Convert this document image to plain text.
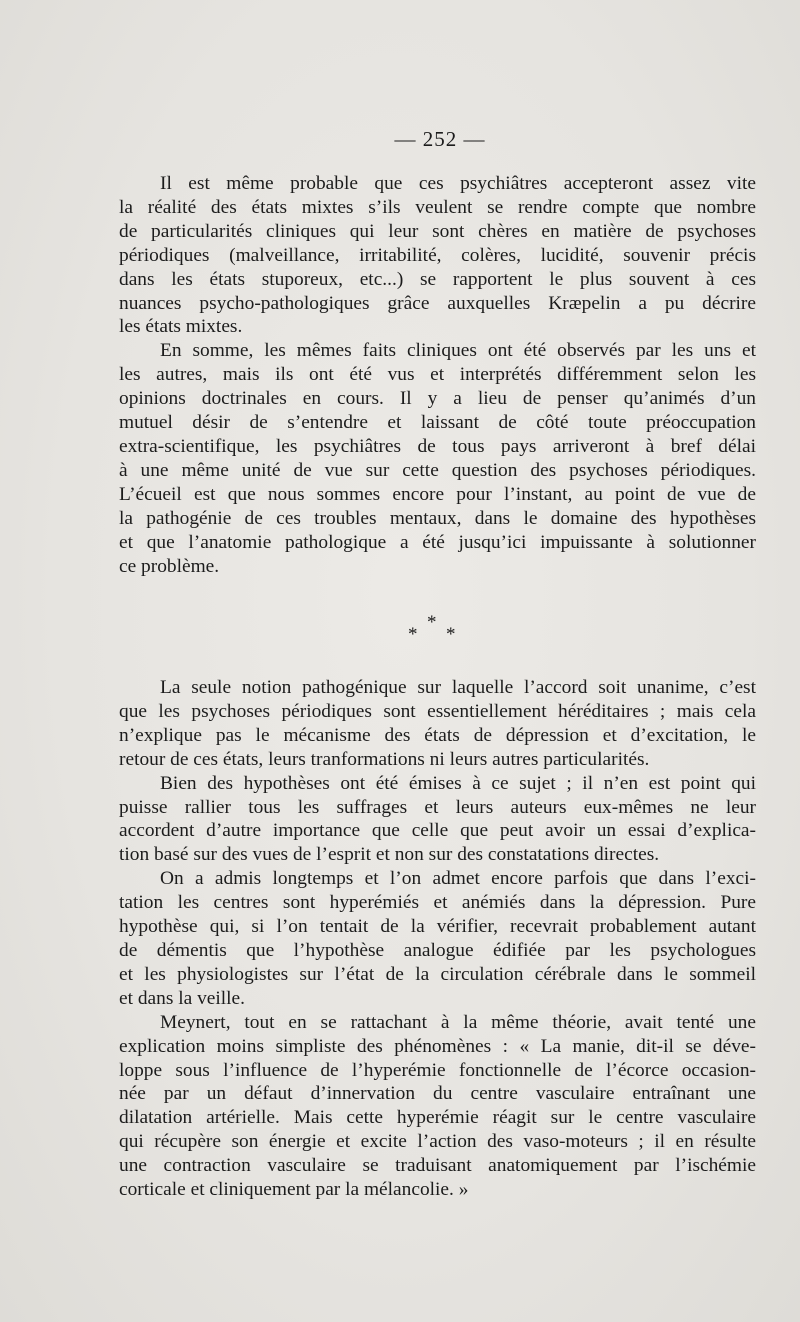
— 252 —

Il est même probable que ces psychiâtres accepteront assez vite
la réalité des états mixtes s’ils veulent se rendre compte que nombre
de particularités cliniques qui leur sont chères en matière de psychoses
périodiques (malveillance, irritabilité, colères, lucidité, souvenir précis
dans les états stuporeux, etc...) se rapportent le plus souvent à ces
nuances psycho-pathologiques grâce auxquelles Kræpelin a pu décrire
les états mixtes.

En somme, les mêmes faits cliniques ont été observés par les uns et
les autres, mais ils ont été vus et interprétés différemment selon les
opinions doctrinales en cours. Il y a lieu de penser qu’animés d’un
mutuel désir de s’entendre et laissant de côté toute préoccupation
extra-scientifique, les psychiâtres de tous pays arriveront à bref délai
à une même unité de vue sur cette question des psychoses périodiques.
L’écueil est que nous sommes encore pour l’instant, au point de vue de
la pathogénie de ces troubles mentaux, dans le domaine des hypothèses
et que l’anatomie pathologique a été jusqu’ici impuissante à solutionner
ce problème.

*
* *

La seule notion pathogénique sur laquelle l’accord soit unanime, c’est
que les psychoses périodiques sont essentiellement héréditaires ; mais cela
n’explique pas le mécanisme des états de dépression et d’excitation, le
retour de ces états, leurs tranformations ni leurs autres particularités.

Bien des hypothèses ont été émises à ce sujet ; il n’en est point qui
puisse rallier tous les suffrages et leurs auteurs eux-mêmes ne leur
accordent d’autre importance que celle que peut avoir un essai d’explica-
tion basé sur des vues de l’esprit et non sur des constatations directes.

On a admis longtemps et l’on admet encore parfois que dans l’exci-
tation les centres sont hyperémiés et anémiés dans la dépression. Pure
hypothèse qui, si l’on tentait de la vérifier, recevrait probablement autant
de démentis que l’hypothèse analogue édifiée par les psychologues
et les physiologistes sur l’état de la circulation cérébrale dans le sommeil
et dans la veille.

Meynert, tout en se rattachant à la même théorie, avait tenté une
explication moins simpliste des phénomènes : « La manie, dit-il se déve-
loppe sous l’influence de l’hyperémie fonctionnelle de l’écorce occasion-
née par un défaut d’innervation du centre vasculaire entraînant une
dilatation artérielle. Mais cette hyperémie réagit sur le centre vasculaire
qui récupère son énergie et excite l’action des vaso-moteurs ; il en résulte
une contraction vasculaire se traduisant anatomiquement par l’ischémie
corticale et cliniquement par la mélancolie. »
